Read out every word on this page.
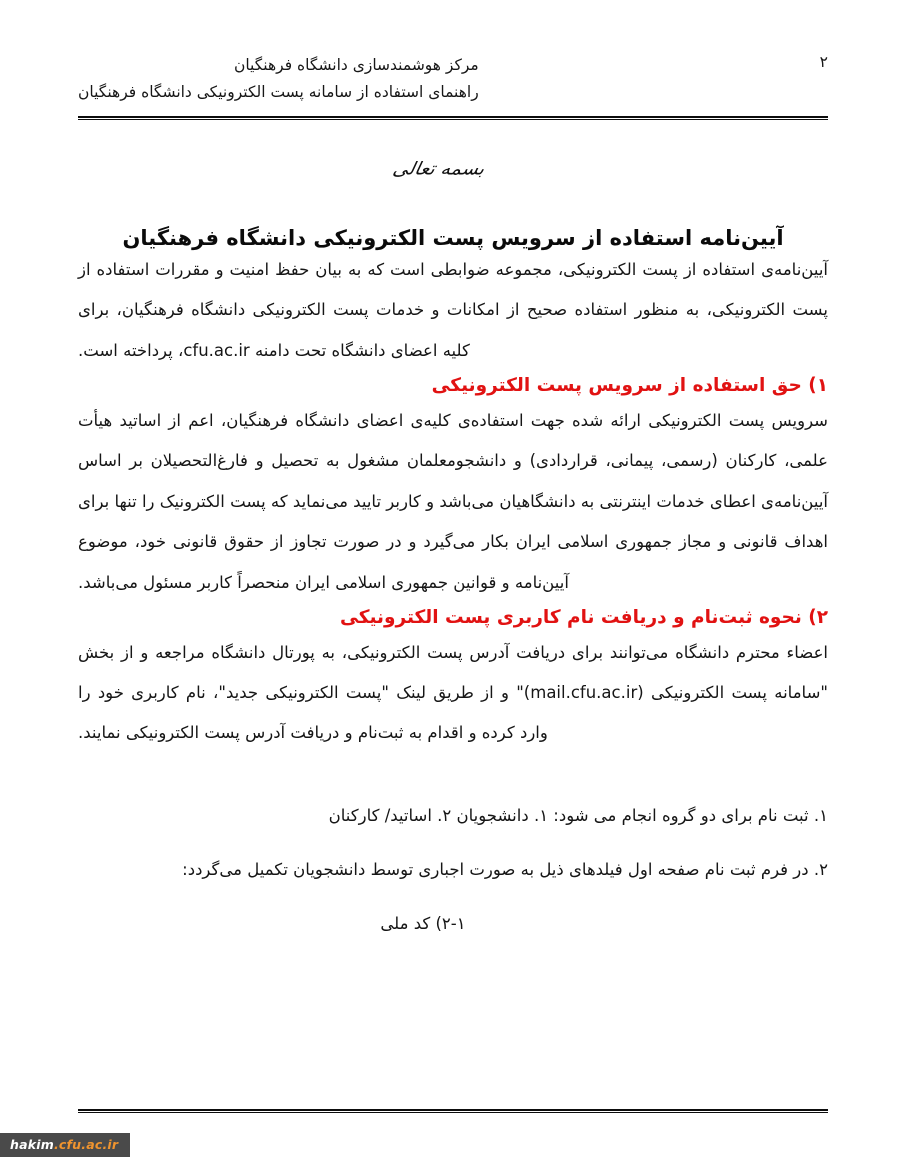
مرکز هوشمندسازی دانشگاه فرهنگیان
راهنمای استفاده از سامانه پست الکترونیکی دانشگاه فرهنگیان
۲
بسمه تعالی
آیین‌نامه استفاده از سرویس پست الکترونیکی دانشگاه فرهنگیان

آیین‌نامه‌ی استفاده از پست الکترونیکی، مجموعه ضوابطی است که به بیان حفظ امنیت و مقررات استفاده از پست الکترونیکی، به منظور استفاده صحیح از امکانات و خدمات پست الکترونیکی دانشگاه فرهنگیان، برای کلیه اعضای دانشگاه تحت دامنه cfu.ac.ir، پرداخته است.

۱) حق استفاده از سرویس پست الکترونیکی

سرویس پست الکترونیکی ارائه شده جهت استفاده‌ی کلیه‌ی اعضای دانشگاه فرهنگیان، اعم از اساتید هیأت علمی، کارکنان (رسمی، پیمانی، قراردادی) و دانشجومعلمان مشغول به تحصیل و فارغ‌التحصیلان بر اساس آیین‌نامه‌ی اعطای خدمات اینترنتی به دانشگاهیان می‌باشد و کاربر تایید می‌نماید که پست الکترونیک را تنها برای اهداف قانونی و مجاز جمهوری اسلامی ایران بکار می‌گیرد و در صورت تجاوز از حقوق قانونی خود، موضوع آیین‌نامه و قوانین جمهوری اسلامی ایران منحصراً کاربر مسئول می‌باشد.

۲) نحوه ثبت‌نام و دریافت نام کاربری پست الکترونیکی

اعضاء محترم دانشگاه می‌توانند برای دریافت آدرس پست الکترونیکی، به پورتال دانشگاه مراجعه و از بخش "سامانه پست الکترونیکی (mail.cfu.ac.ir)" و از طریق لینک "پست الکترونیکی جدید"، نام کاربری خود را وارد کرده و اقدام به ثبت‌نام و دریافت آدرس پست الکترونیکی نمایند.

۱. ثبت نام برای دو گروه انجام می شود: ۱. دانشجویان ۲. اساتید/ کارکنان

۲. در فرم ثبت نام صفحه اول فیلدهای ذیل به صورت اجباری توسط دانشجویان تکمیل می‌گردد:

۲-۱) کد ملی

hakim.cfu.ac.ir
